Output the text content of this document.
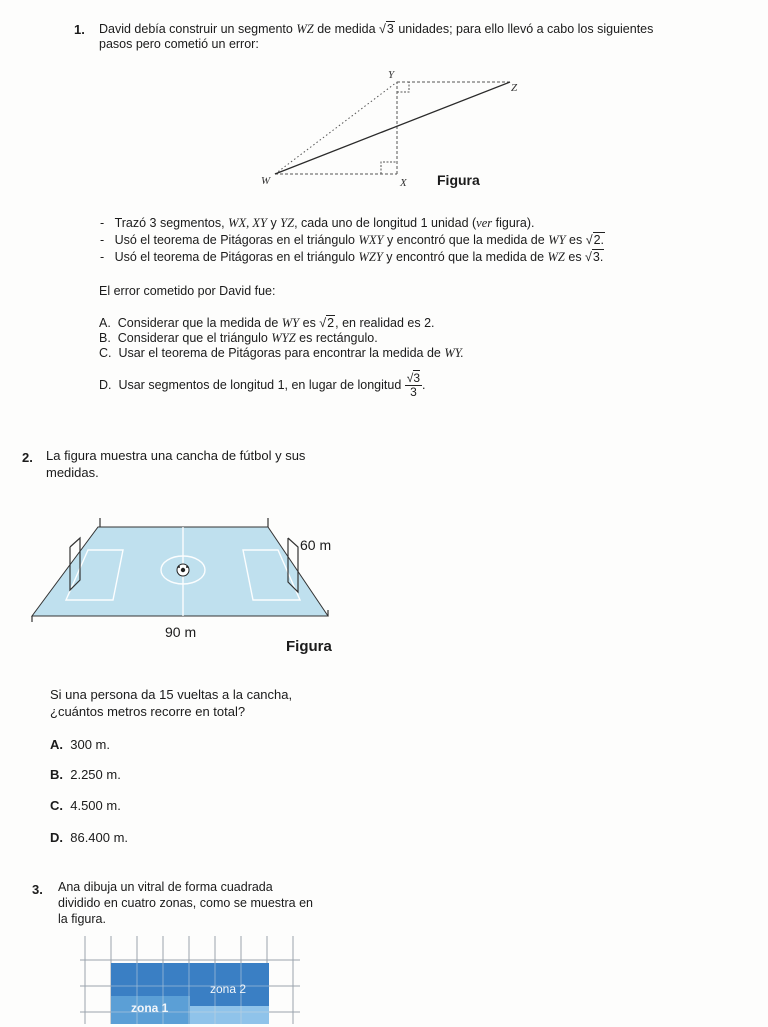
1. David debía construir un segmento WZ de medida √3 unidades; para ello llevó a cabo los siguientes
pasos pero cometió un error:
W	X
Y
Z
Figura
-   Trazó 3 segmentos, WX, XY y YZ, cada uno de longitud 1 unidad (ver figura).
-   Usó el teorema de Pitágoras en el triángulo WXY y encontró que la medida de WY es √2.
-   Usó el teorema de Pitágoras en el triángulo WZY y encontró que la medida de WZ es √3.
El error cometido por David fue:
A. Considerar que la medida de WY es √2, en realidad es 2.
B. Considerar que el triángulo WYZ es rectángulo.
C. Usar el teorema de Pitágoras para encontrar la medida de WY.
D. Usar segmentos de longitud 1, en lugar de longitud $\frac{√3}{3}$ .
2. La figura muestra una cancha de fútbol y sus
medidas.
60 m
90 m
Figura
Si una persona da 15 vueltas a la cancha,
¿cuántos metros recorre en total?
A. 300 m.
B. 2.250 m.
C. 4.500 m.
D. 86.400 m.
3. Ana dibuja un vitral de forma cuadrada
dividido en cuatro zonas, como se muestra en
la figura.
zona 2
zona 1
